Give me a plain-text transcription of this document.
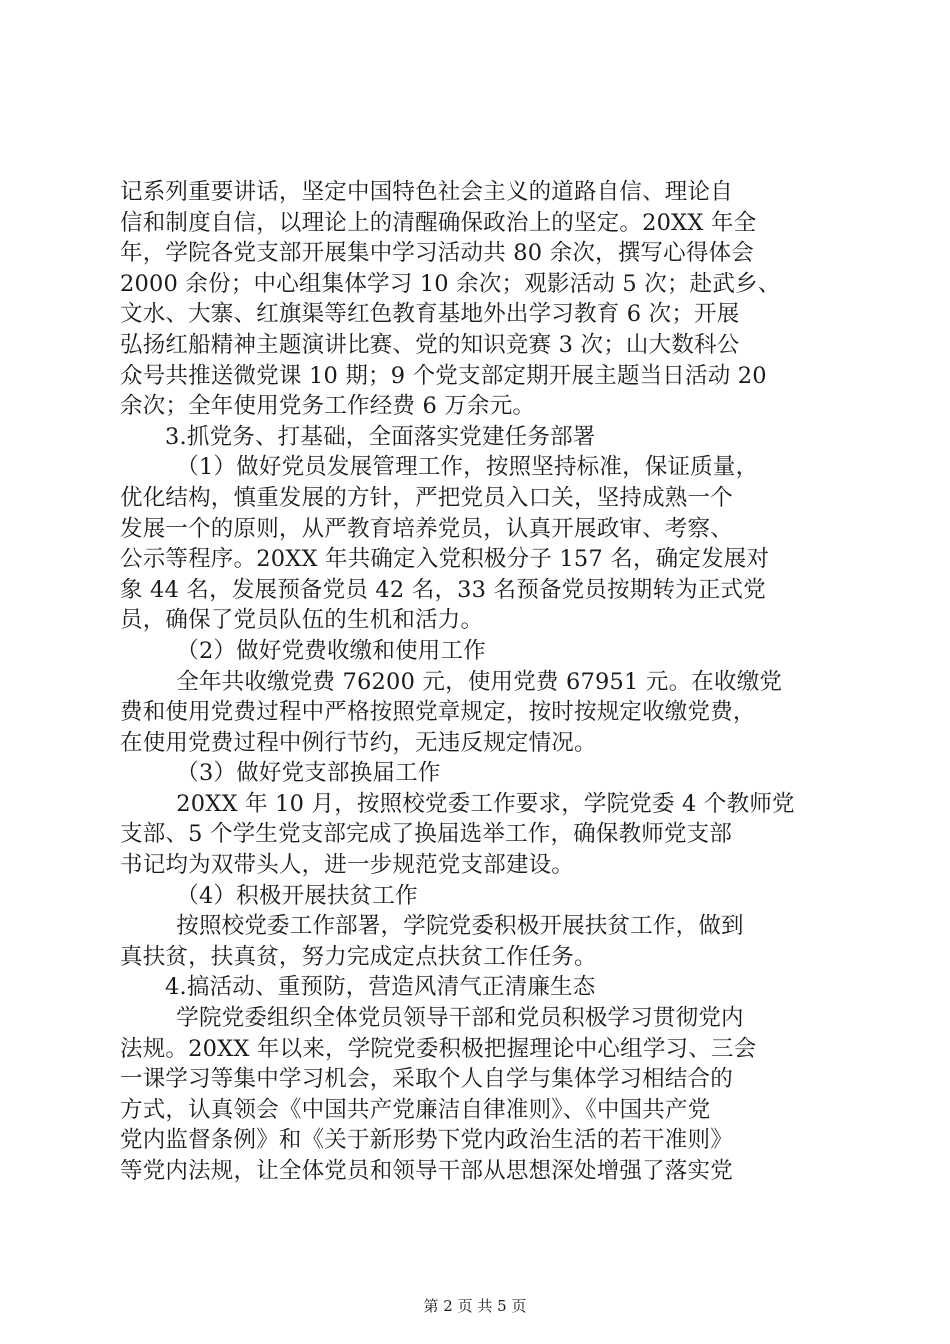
记系列重要讲话，坚定中国特色社会主义的道路自信、理论自
信和制度自信，以理论上的清醒确保政治上的坚定。20XX 年全
年，学院各党支部开展集中学习活动共 80 余次，撰写心得体会
2000 余份；中心组集体学习 10 余次；观影活动 5 次；赴武乡、
文水、大寨、红旗渠等红色教育基地外出学习教育 6 次；开展
弘扬红船精神主题演讲比赛、党的知识竞赛 3 次；山大数科公
众号共推送微党课 10 期；9 个党支部定期开展主题当日活动 20
余次；全年使用党务工作经费 6 万余元。
3.抓党务、打基础，全面落实党建任务部署
（1）做好党员发展管理工作，按照坚持标准，保证质量，
优化结构，慎重发展的方针，严把党员入口关，坚持成熟一个
发展一个的原则，从严教育培养党员，认真开展政审、考察、
公示等程序。20XX 年共确定入党积极分子 157 名，确定发展对
象 44 名，发展预备党员 42 名，33 名预备党员按期转为正式党
员，确保了党员队伍的生机和活力。
（2）做好党费收缴和使用工作
全年共收缴党费 76200 元，使用党费 67951 元。在收缴党
费和使用党费过程中严格按照党章规定，按时按规定收缴党费，
在使用党费过程中例行节约，无违反规定情况。
（3）做好党支部换届工作
20XX 年 10 月，按照校党委工作要求，学院党委 4 个教师党
支部、5 个学生党支部完成了换届选举工作，确保教师党支部
书记均为双带头人，进一步规范党支部建设。
（4）积极开展扶贫工作
按照校党委工作部署，学院党委积极开展扶贫工作，做到
真扶贫，扶真贫，努力完成定点扶贫工作任务。
4.搞活动、重预防，营造风清气正清廉生态
学院党委组织全体党员领导干部和党员积极学习贯彻党内
法规。20XX 年以来，学院党委积极把握理论中心组学习、三会
一课学习等集中学习机会，采取个人自学与集体学习相结合的
方式，认真领会《中国共产党廉洁自律准则》、《中国共产党
党内监督条例》和《关于新形势下党内政治生活的若干准则》
等党内法规，让全体党员和领导干部从思想深处增强了落实党
第 2 页 共 5 页
